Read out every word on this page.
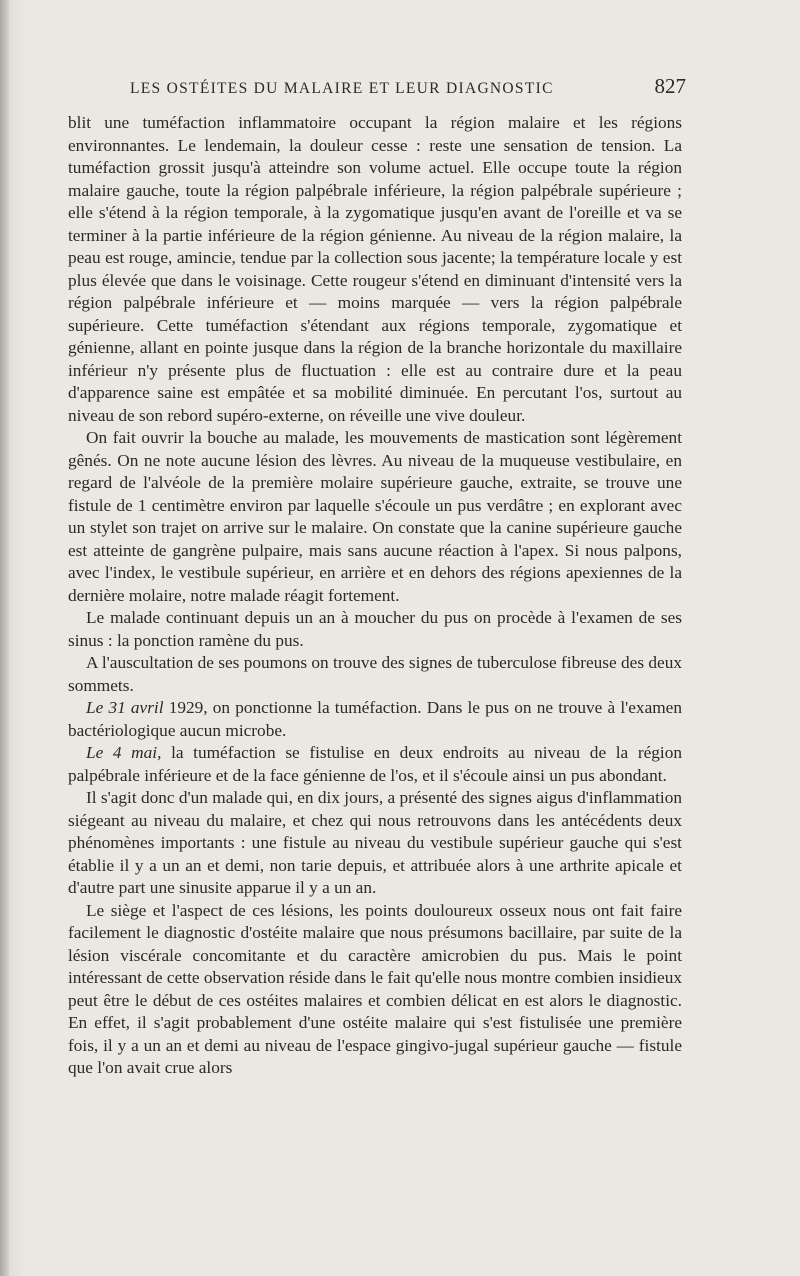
LES OSTÉITES DU MALAIRE ET LEUR DIAGNOSTIC	827

blit une tuméfaction inflammatoire occupant la région malaire et les régions environnantes. Le lendemain, la douleur cesse : reste une sensation de tension. La tuméfaction grossit jusqu'à atteindre son volume actuel. Elle occupe toute la région malaire gauche, toute la région palpébrale inférieure, la région palpébrale supérieure ; elle s'étend à la région temporale, à la zygomatique jusqu'en avant de l'oreille et va se terminer à la partie inférieure de la région génienne. Au niveau de la région malaire, la peau est rouge, amincie, tendue par la collection sous jacente; la température locale y est plus élevée que dans le voisinage. Cette rougeur s'étend en diminuant d'intensité vers la région palpébrale inférieure et — moins marquée — vers la région palpébrale supérieure. Cette tuméfaction s'étendant aux régions temporale, zygomatique et génienne, allant en pointe jusque dans la région de la branche horizontale du maxillaire inférieur n'y présente plus de fluctuation : elle est au contraire dure et la peau d'apparence saine est empâtée et sa mobilité diminuée. En percutant l'os, surtout au niveau de son rebord supéro-externe, on réveille une vive douleur.

On fait ouvrir la bouche au malade, les mouvements de mastication sont légèrement gênés. On ne note aucune lésion des lèvres. Au niveau de la muqueuse vestibulaire, en regard de l'alvéole de la première molaire supérieure gauche, extraite, se trouve une fistule de 1 centimètre environ par laquelle s'écoule un pus verdâtre ; en explorant avec un stylet son trajet on arrive sur le malaire. On constate que la canine supérieure gauche est atteinte de gangrène pulpaire, mais sans aucune réaction à l'apex. Si nous palpons, avec l'index, le vestibule supérieur, en arrière et en dehors des régions apexiennes de la dernière molaire, notre malade réagit fortement.

Le malade continuant depuis un an à moucher du pus on procède à l'examen de ses sinus : la ponction ramène du pus.

A l'auscultation de ses poumons on trouve des signes de tuberculose fibreuse des deux sommets.

Le 31 avril 1929, on ponctionne la tuméfaction. Dans le pus on ne trouve à l'examen bactériologique aucun microbe.

Le 4 mai, la tuméfaction se fistulise en deux endroits au niveau de la région palpébrale inférieure et de la face génienne de l'os, et il s'écoule ainsi un pus abondant.

Il s'agit donc d'un malade qui, en dix jours, a présenté des signes aigus d'inflammation siégeant au niveau du malaire, et chez qui nous retrouvons dans les antécédents deux phénomènes importants : une fistule au niveau du vestibule supérieur gauche qui s'est établie il y a un an et demi, non tarie depuis, et attribuée alors à une arthrite apicale et d'autre part une sinusite apparue il y a un an.

Le siège et l'aspect de ces lésions, les points douloureux osseux nous ont fait faire facilement le diagnostic d'ostéite malaire que nous présumons bacillaire, par suite de la lésion viscérale concomitante et du caractère amicrobien du pus. Mais le point intéressant de cette observation réside dans le fait qu'elle nous montre combien insidieux peut être le début de ces ostéites malaires et combien délicat en est alors le diagnostic. En effet, il s'agit probablement d'une ostéite malaire qui s'est fistulisée une première fois, il y a un an et demi au niveau de l'espace gingivo-jugal supérieur gauche — fistule que l'on avait crue alors
